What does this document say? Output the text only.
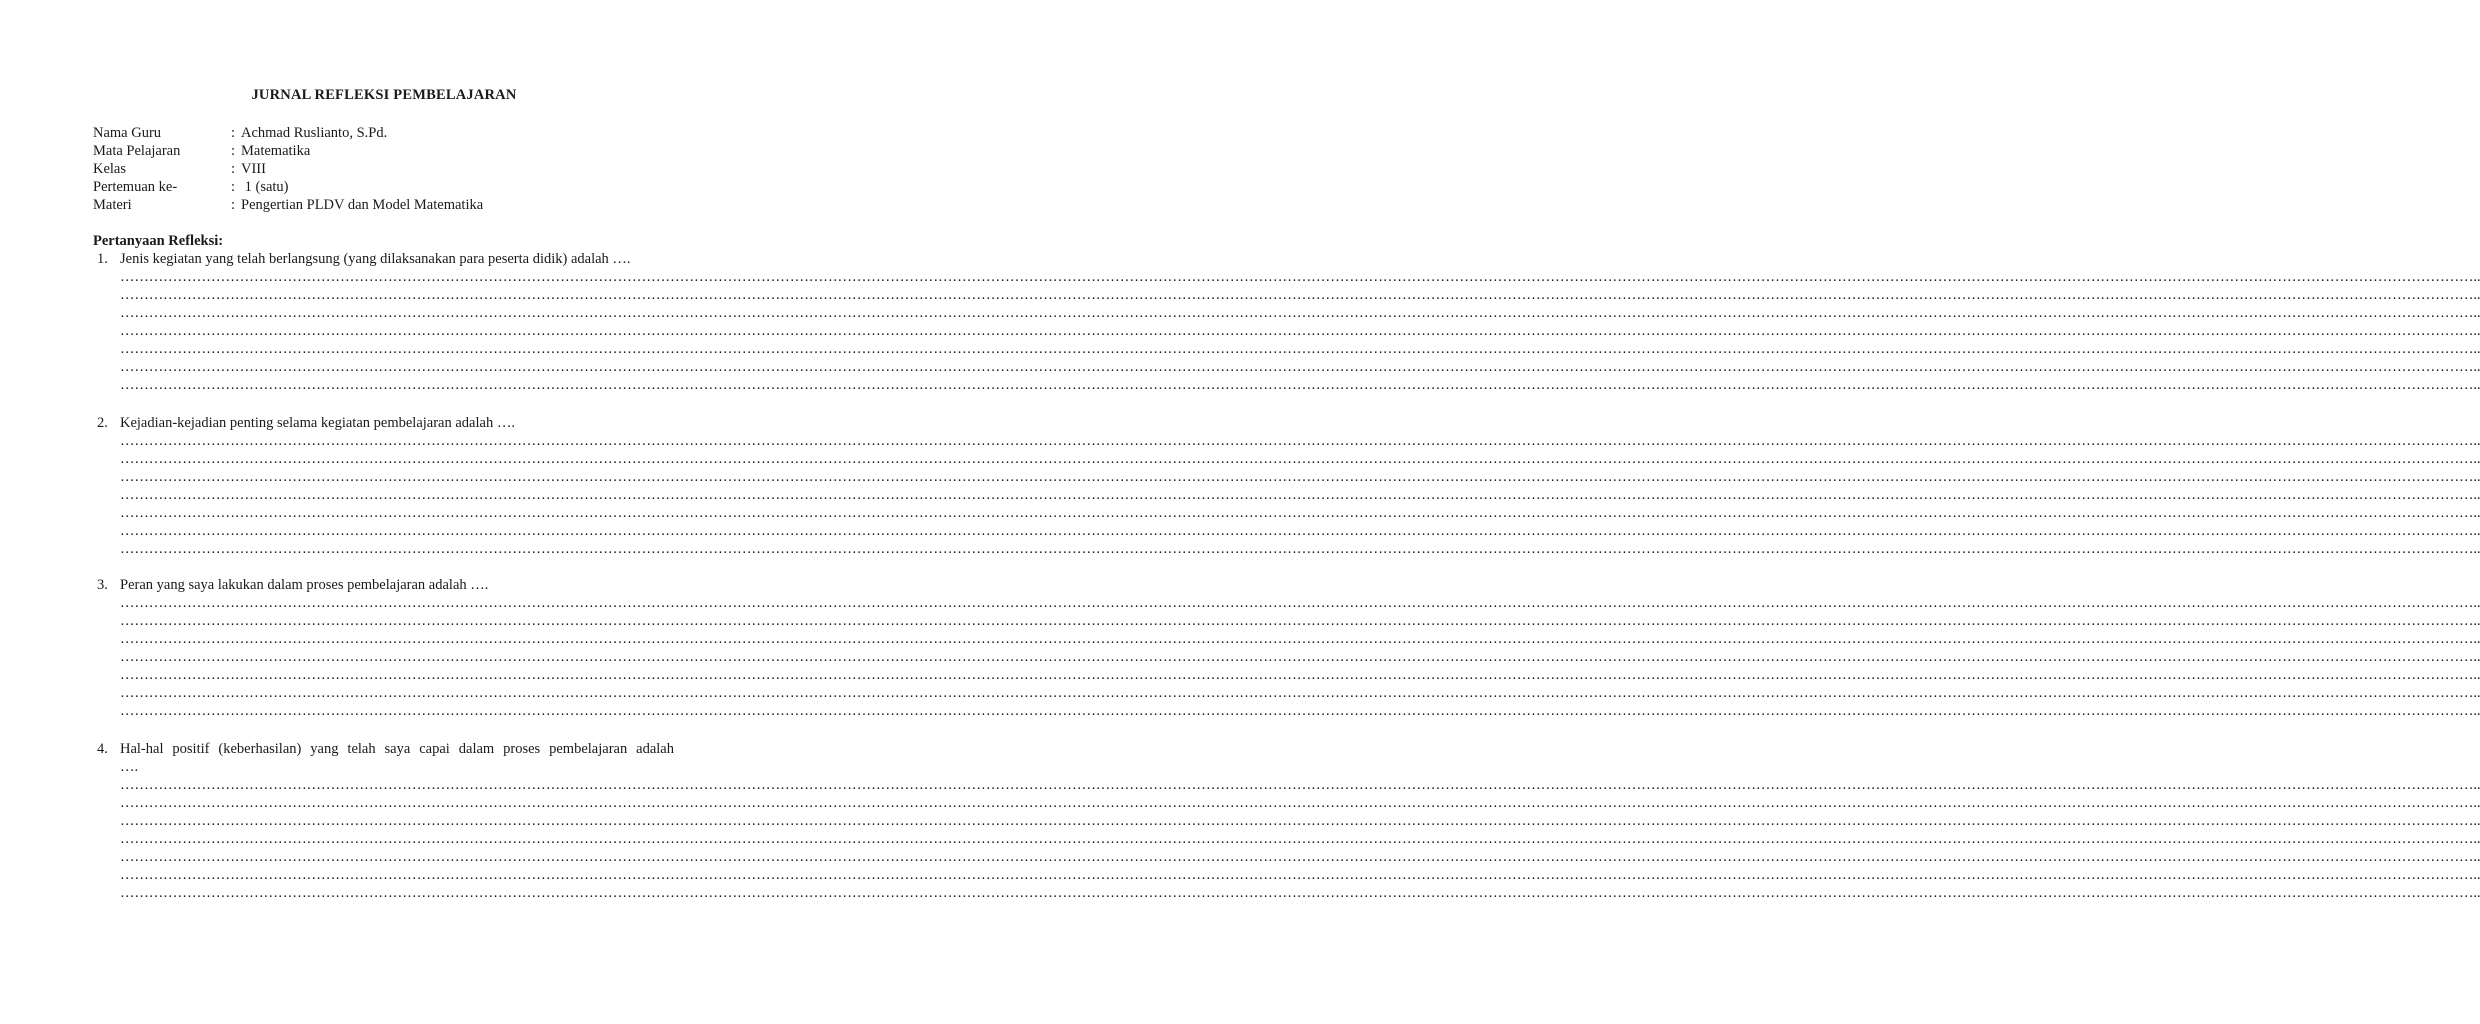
JURNAL REFLEKSI PEMBELAJARAN
Nama Guru	: Achmad Ruslianto, S.Pd.
Mata Pelajaran	: Matematika
Kelas	: VIII
Pertemuan ke-	: 1 (satu)
Materi	: Pengertian PLDV dan Model Matematika
Pertanyaan Refleksi:
1. Jenis kegiatan yang telah berlangsung (yang dilaksanakan para peserta didik) adalah ….
……………………………………………………………………………………………………………………………………………………………………………………………………………………………………………………………………………………………………………………………………………………………………………………………………………………………………………………..
……………………………………………………………………………………………………………………………………………………………………………………………………………………………………………………………………………………………………………………………………………………………………………………………………………………………………………………..
……………………………………………………………………………………………………………………………………………………………………………………………………………………………………………………………………………………………………………………………………………………………………………………………………………………………………………………..
……………………………………………………………………………………………………………………………………………………………………………………………………………………………………………………………………………………………………………………………………………………………………………………………………………………………………………………..
……………………………………………………………………………………………………………………………………………………………………………………………………………………………………………………………………………………………………………………………………………………………………………………………………………………………………………………..
……………………………………………………………………………………………………………………………………………………………………………………………………………………………………………………………………………………………………………………………………………………………………………………………………………………………………………………..
……………………………………………………………………………………………………………………………………………………………………………………………………………………………………………………………………………………………………………………………………………………………………………………………………………………………………………………..
2. Kejadian-kejadian penting selama kegiatan pembelajaran adalah ….
……………………………………………………………………………………………………………………………………………………………………………………………………………………………………………………………………………………………………………………………………………………………………………………………………………………………………………………..
……………………………………………………………………………………………………………………………………………………………………………………………………………………………………………………………………………………………………………………………………………………………………………………………………………………………………………………..
……………………………………………………………………………………………………………………………………………………………………………………………………………………………………………………………………………………………………………………………………………………………………………………………………………………………………………………..
……………………………………………………………………………………………………………………………………………………………………………………………………………………………………………………………………………………………………………………………………………………………………………………………………………………………………………………..
……………………………………………………………………………………………………………………………………………………………………………………………………………………………………………………………………………………………………………………………………………………………………………………………………………………………………………………..
……………………………………………………………………………………………………………………………………………………………………………………………………………………………………………………………………………………………………………………………………………………………………………………………………………………………………………………..
……………………………………………………………………………………………………………………………………………………………………………………………………………………………………………………………………………………………………………………………………………………………………………………………………………………………………………………..
3. Peran yang saya lakukan dalam proses pembelajaran adalah ….
……………………………………………………………………………………………………………………………………………………………………………………………………………………………………………………………………………………………………………………………………………………………………………………………………………………………………………………..
……………………………………………………………………………………………………………………………………………………………………………………………………………………………………………………………………………………………………………………………………………………………………………………………………………………………………………………..
……………………………………………………………………………………………………………………………………………………………………………………………………………………………………………………………………………………………………………………………………………………………………………………………………………………………………………………..
……………………………………………………………………………………………………………………………………………………………………………………………………………………………………………………………………………………………………………………………………………………………………………………………………………………………………………………..
……………………………………………………………………………………………………………………………………………………………………………………………………………………………………………………………………………………………………………………………………………………………………………………………………………………………………………………..
……………………………………………………………………………………………………………………………………………………………………………………………………………………………………………………………………………………………………………………………………………………………………………………………………………………………………………………..
……………………………………………………………………………………………………………………………………………………………………………………………………………………………………………………………………………………………………………………………………………………………………………………………………………………………………………………..
4. Hal-hal positif (keberhasilan) yang telah saya capai dalam proses pembelajaran adalah
….
……………………………………………………………………………………………………………………………………………………………………………………………………………………………………………………………………………………………………………………………………………………………………………………………………………………………………………………..
……………………………………………………………………………………………………………………………………………………………………………………………………………………………………………………………………………………………………………………………………………………………………………………………………………………………………………………..
……………………………………………………………………………………………………………………………………………………………………………………………………………………………………………………………………………………………………………………………………………………………………………………………………………………………………………………..
……………………………………………………………………………………………………………………………………………………………………………………………………………………………………………………………………………………………………………………………………………………………………………………………………………………………………………………..
……………………………………………………………………………………………………………………………………………………………………………………………………………………………………………………………………………………………………………………………………………………………………………………………………………………………………………………..
……………………………………………………………………………………………………………………………………………………………………………………………………………………………………………………………………………………………………………………………………………………………………………………………………………………………………………………..
……………………………………………………………………………………………………………………………………………………………………………………………………………………………………………………………………………………………………………………………………………………………………………………………………………………………………………………..
